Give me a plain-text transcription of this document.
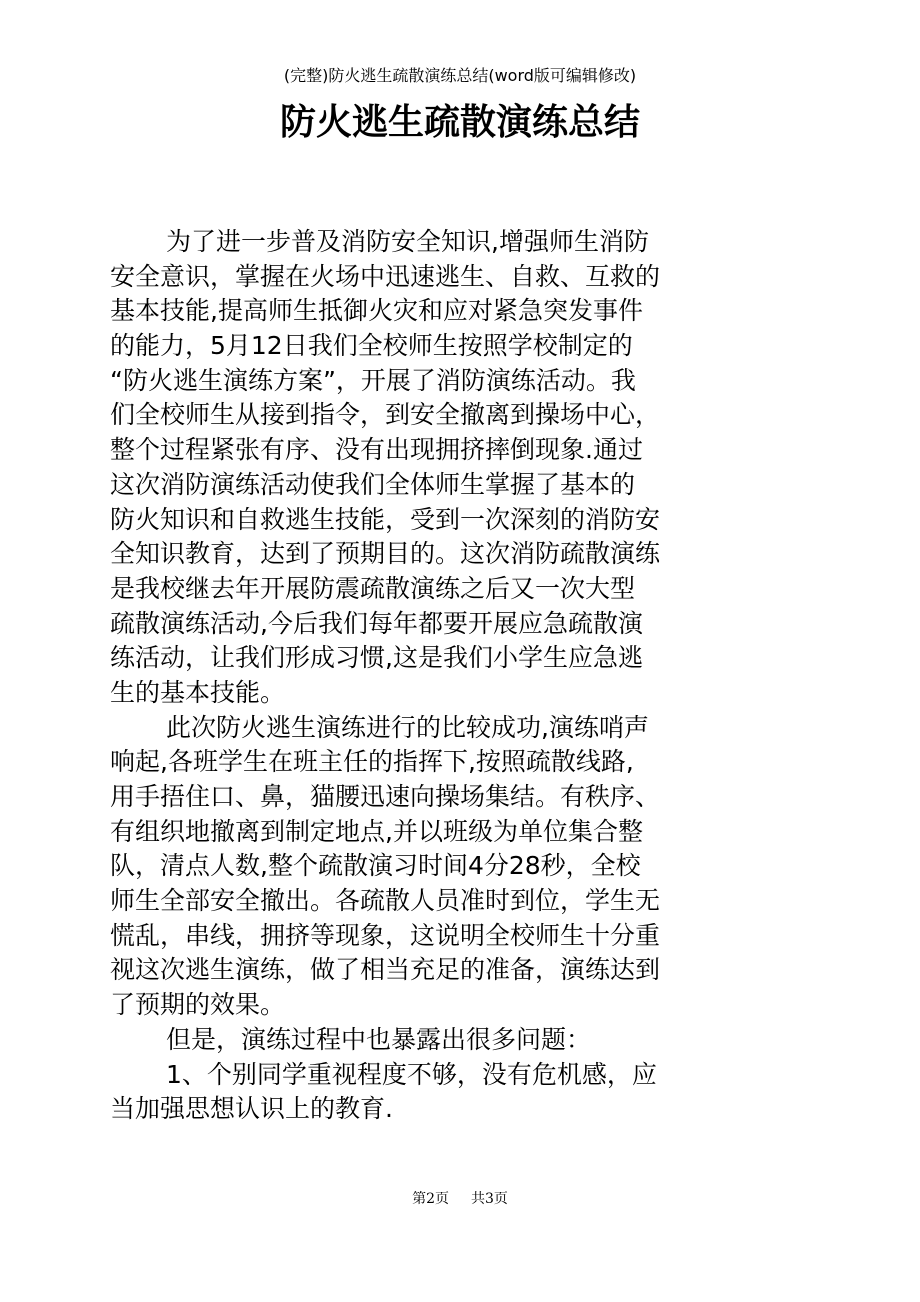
(完整)防火逃生疏散演练总结(word版可编辑修改)
防火逃生疏散演练总结
为了进一步普及消防安全知识,增强师生消防
安全意识，掌握在火场中迅速逃生、自救、互救的
基本技能,提高师生抵御火灾和应对紧急突发事件
的能力，5月12日我们全校师生按照学校制定的
“防火逃生演练方案”，开展了消防演练活动。我
们全校师生从接到指令，到安全撤离到操场中心，
整个过程紧张有序、没有出现拥挤摔倒现象.通过
这次消防演练活动使我们全体师生掌握了基本的
防火知识和自救逃生技能，受到一次深刻的消防安
全知识教育，达到了预期目的。这次消防疏散演练
是我校继去年开展防震疏散演练之后又一次大型
疏散演练活动,今后我们每年都要开展应急疏散演
练活动，让我们形成习惯,这是我们小学生应急逃
生的基本技能。
此次防火逃生演练进行的比较成功,演练哨声
响起,各班学生在班主任的指挥下,按照疏散线路,
用手捂住口、鼻，猫腰迅速向操场集结。有秩序、
有组织地撤离到制定地点,并以班级为单位集合整
队，清点人数,整个疏散演习时间4分28秒，全校
师生全部安全撤出。各疏散人员准时到位，学生无
慌乱，串线，拥挤等现象，这说明全校师生十分重
视这次逃生演练，做了相当充足的准备，演练达到
了预期的效果。
但是，演练过程中也暴露出很多问题：
1、个别同学重视程度不够，没有危机感，应
当加强思想认识上的教育.
第2页 共3页
